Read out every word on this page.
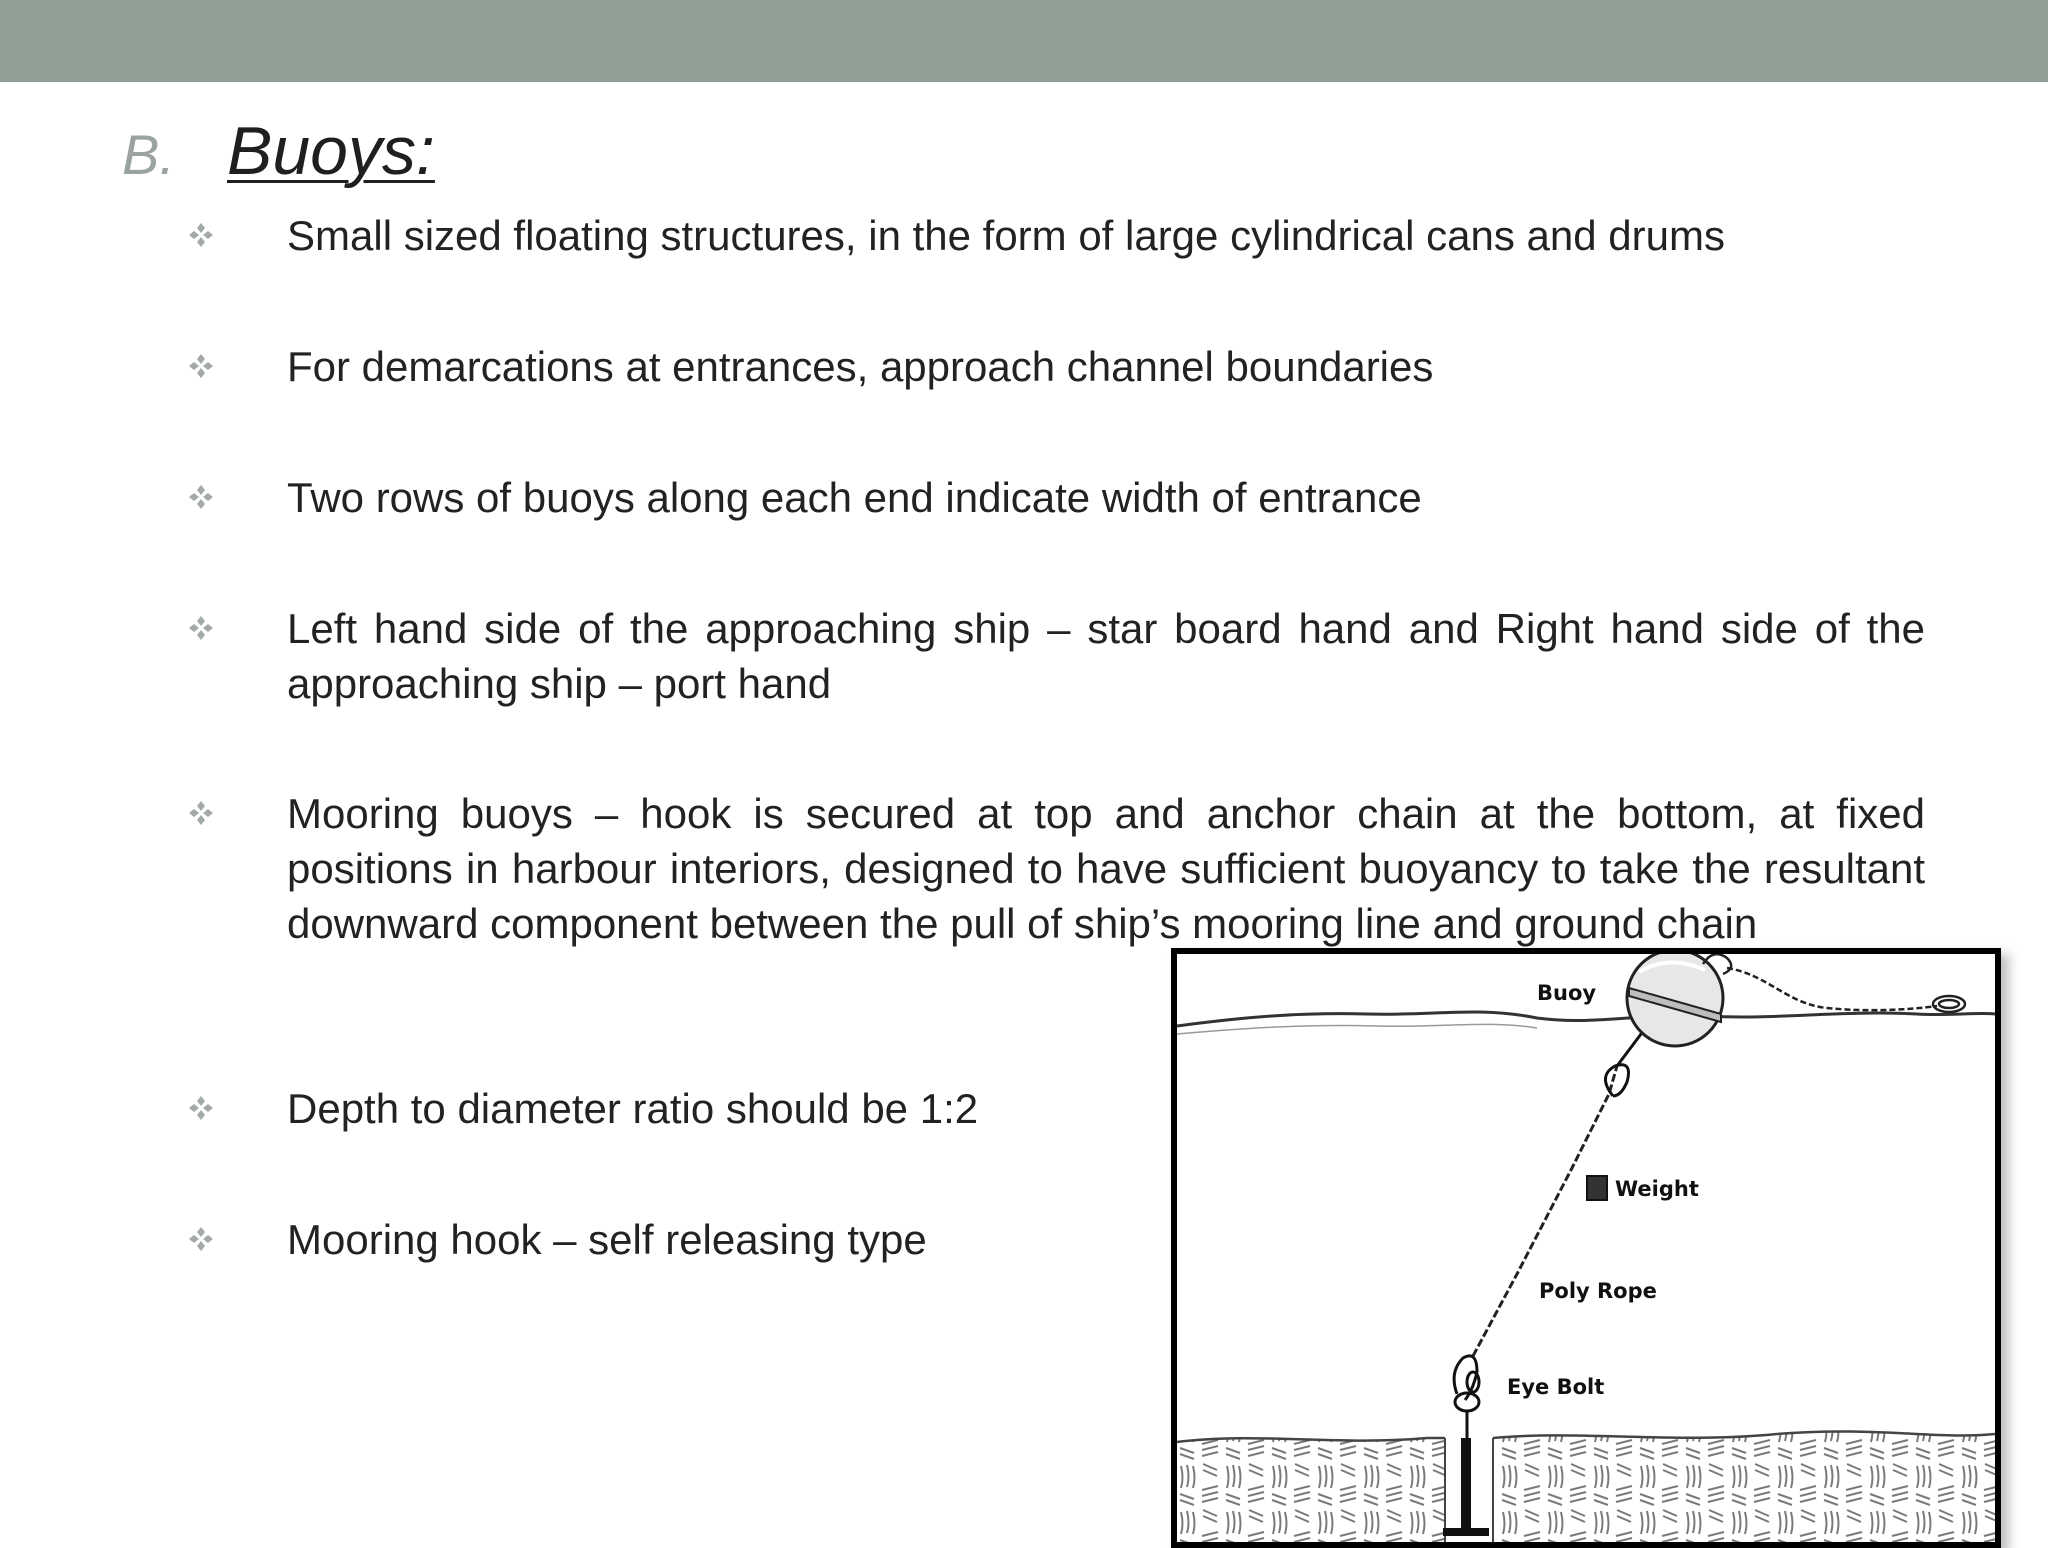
B. Buoys:
Small sized floating structures, in the form of large cylindrical cans and drums
For demarcations at entrances, approach channel boundaries
Two rows of buoys along each end indicate width of entrance
Left hand side of the approaching ship – star board hand and Right hand side of the approaching ship – port hand
Mooring buoys – hook is secured at top and anchor chain at the bottom, at fixed positions in harbour interiors, designed to have sufficient buoyancy to take the resultant downward component between the pull of ship’s mooring line and ground chain
Depth to diameter ratio should be 1:2
Mooring hook – self releasing type
Buoy
Weight
Poly Rope
Eye Bolt
